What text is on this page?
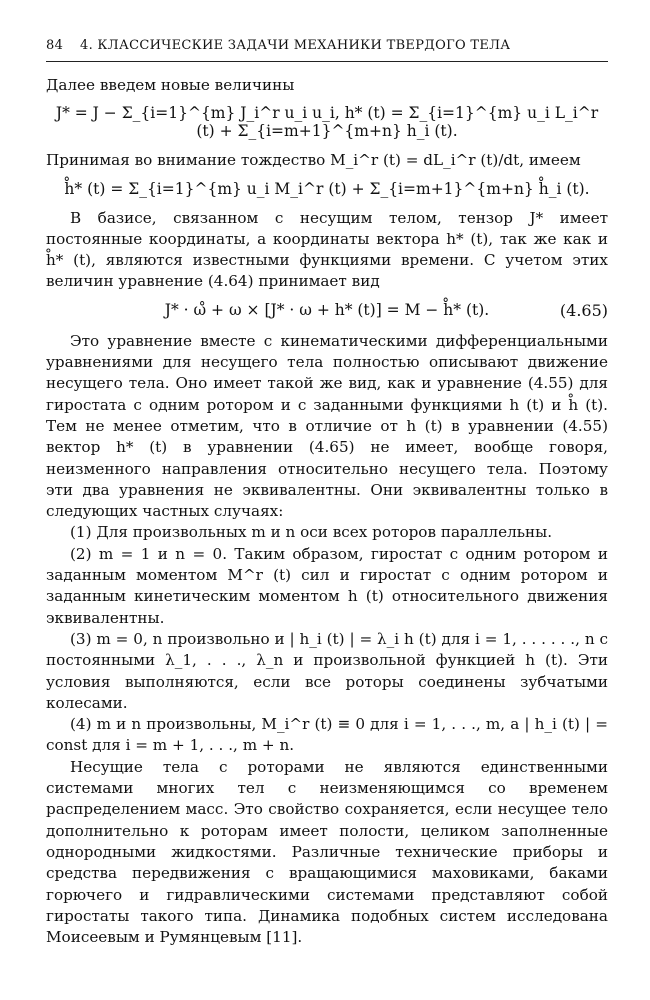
84	4. КЛАССИЧЕСКИЕ ЗАДАЧИ МЕХАНИКИ ТВЕРДОГО ТЕЛА

Далее введем новые величины

J* = J − Σ_{i=1}^{m} J_i^r u_i u_i, h* (t) = Σ_{i=1}^{m} u_i L_i^r (t) + Σ_{i=m+1}^{m+n} h_i (t).

Принимая во внимание тождество M_i^r (t) = dL_i^r (t)/dt, имеем

h̊* (t) = Σ_{i=1}^{m} u_i M_i^r (t) + Σ_{i=m+1}^{m+n} h̊_i (t).

В базисе, связанном с несущим телом, тензор J* имеет постоянные координаты, а координаты вектора h* (t), так же как и h̊* (t), являются известными функциями времени. С учетом этих величин уравнение (4.64) принимает вид

J* · ω̊ + ω × [J* · ω + h* (t)] = M − h̊* (t).	(4.65)

Это уравнение вместе с кинематическими дифференциальными уравнениями для несущего тела полностью описывают движение несущего тела. Оно имеет такой же вид, как и уравнение (4.55) для гиростата с одним ротором и с заданными функциями h (t) и h̊ (t). Тем не менее отметим, что в отличие от h (t) в уравнении (4.55) вектор h* (t) в уравнении (4.65) не имеет, вообще говоря, неизменного направления относительно несущего тела. Поэтому эти два уравнения не эквивалентны. Они эквивалентны только в следующих частных случаях:

(1) Для произвольных m и n оси всех роторов параллельны.

(2) m = 1 и n = 0. Таким образом, гиростат с одним ротором и заданным моментом M^r (t) сил и гиростат с одним ротором и заданным кинетическим моментом h (t) относительного движения эквивалентны.

(3) m = 0, n произвольно и | h_i (t) | = λ_i h (t) для i = 1, . . . . . ., n с постоянными λ_1, . . ., λ_n и произвольной функцией h (t). Эти условия выполняются, если все роторы соединены зубчатыми колесами.

(4) m и n произвольны, M_i^r (t) ≡ 0 для i = 1, . . ., m, а | h_i (t) | = const для i = m + 1, . . ., m + n.

Несущие тела с роторами не являются единственными системами многих тел с неизменяющимся со временем распределением масс. Это свойство сохраняется, если несущее тело дополнительно к роторам имеет полости, целиком заполненные однородными жидкостями. Различные технические приборы и средства передвижения с вращающимися маховиками, баками горючего и гидравлическими системами представляют собой гиростаты такого типа. Динамика подобных систем исследована Моисеевым и Румянцевым [11].
